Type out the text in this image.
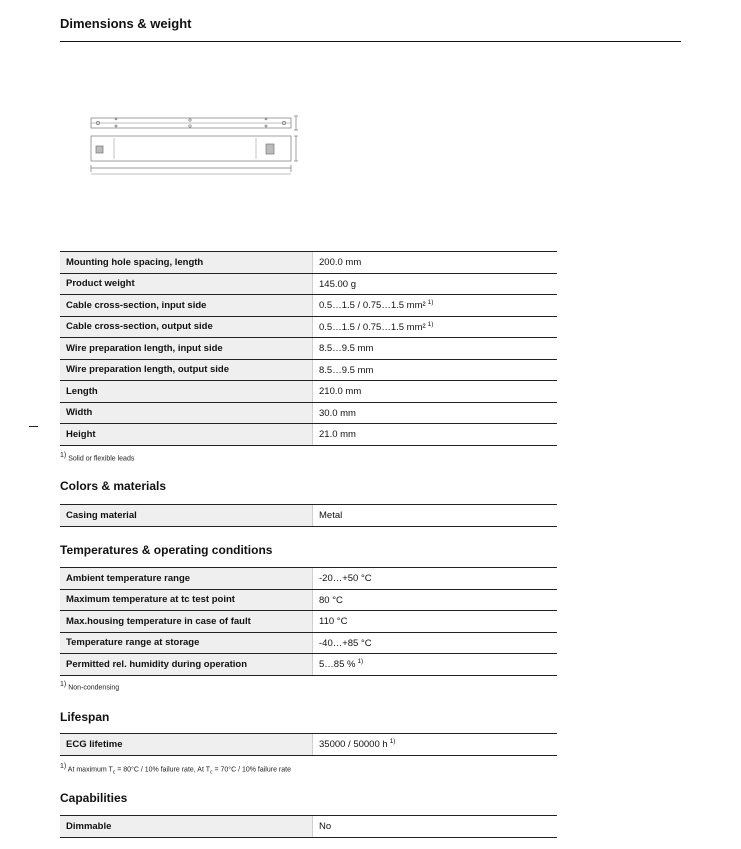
Dimensions & weight
Mounting hole spacing, length	200.0 mm
Product weight	145.00 g
Cable cross-section, input side	0.5…1.5 / 0.75…1.5 mm² $^{1)}$
Cable cross-section, output side	0.5…1.5 / 0.75…1.5 mm² $^{1)}$
Wire preparation length, input side	8.5…9.5 mm
Wire preparation length, output side	8.5…9.5 mm
Length	210.0 mm
Width	30.0 mm
Height	21.0 mm
1) Solid or flexible leads
Colors & materials
Casing material	Metal
Temperatures & operating conditions
Ambient temperature range	-20…+50 °C
Maximum temperature at tc test point	80 °C
Max.housing temperature in case of fault	110 °C
Temperature range at storage	-40…+85 °C
Permitted rel. humidity during operation	5…85 % $^{1)}$
1) Non-condensing
Lifespan
ECG lifetime	35000 / 50000 h $^{1)}$
1) At maximum $T_c = 80^\circ C / 10\%$ failure rate, At $T_c = 70^\circ C / 10\%$ failure rate
Capabilities
Dimmable	No
